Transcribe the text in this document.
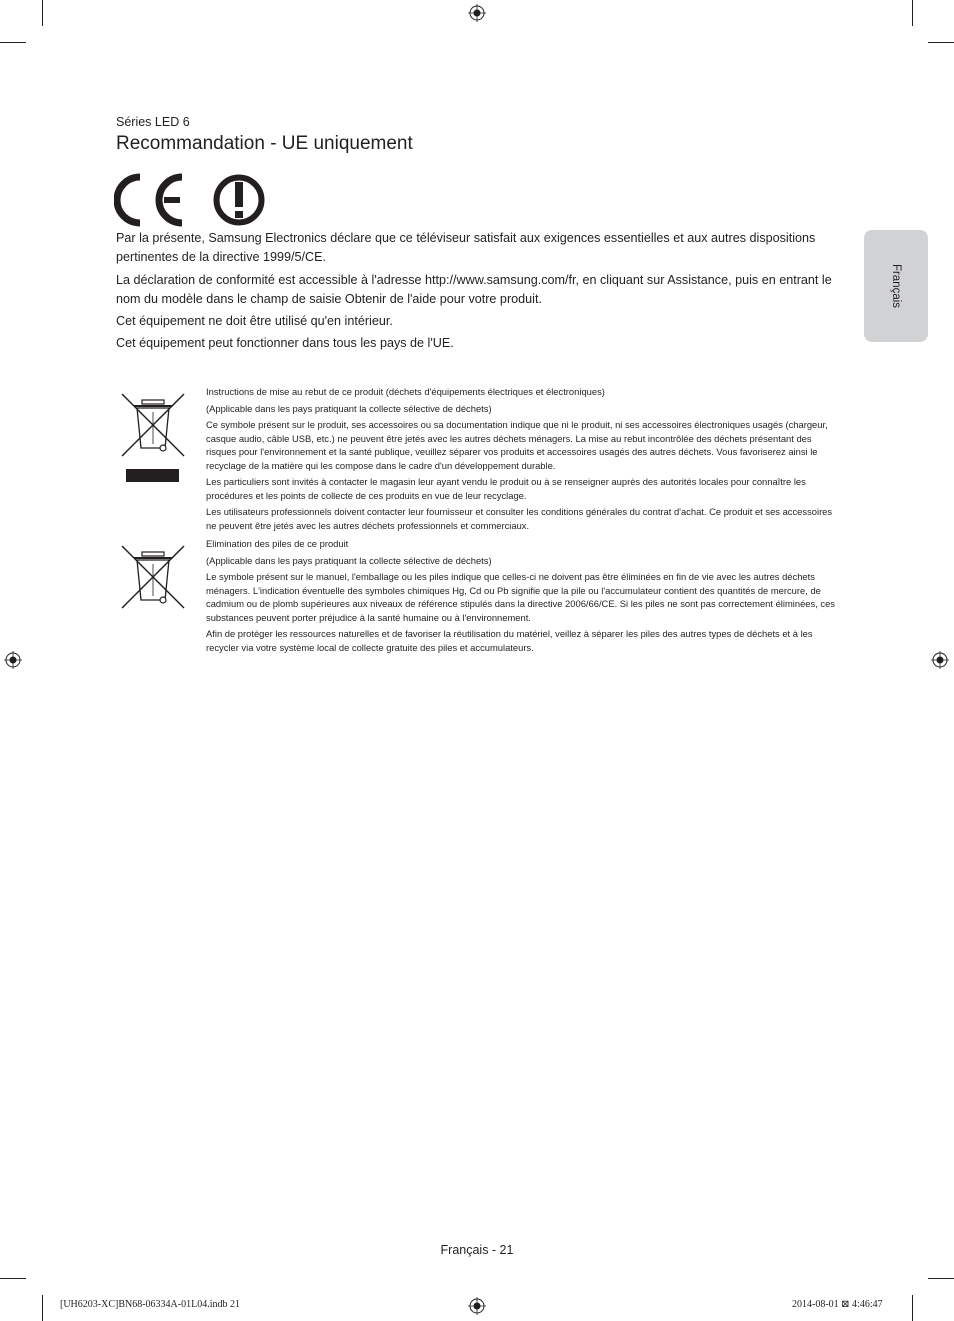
Séries LED 6
Recommandation - UE uniquement

Par la présente, Samsung Electronics déclare que ce téléviseur satisfait aux exigences essentielles et aux autres dispositions pertinentes de la directive 1999/5/CE.

La déclaration de conformité est accessible à l'adresse http://www.samsung.com/fr, en cliquant sur Assistance, puis en entrant le nom du modèle dans le champ de saisie Obtenir de l'aide pour votre produit.

Cet équipement ne doit être utilisé qu'en intérieur.

Cet équipement peut fonctionner dans tous les pays de l'UE.

Français

Instructions de mise au rebut de ce produit (déchets d'équipements électriques et électroniques)

(Applicable dans les pays pratiquant la collecte sélective de déchets)

Ce symbole présent sur le produit, ses accessoires ou sa documentation indique que ni le produit, ni ses accessoires électroniques usagés (chargeur, casque audio, câble USB, etc.) ne peuvent être jetés avec les autres déchets ménagers. La mise au rebut incontrôlée des déchets présentant des risques pour l'environnement et la santé publique, veuillez séparer vos produits et accessoires usagés des autres déchets. Vous favoriserez ainsi le recyclage de la matière qui les compose dans le cadre d'un développement durable.

Les particuliers sont invités à contacter le magasin leur ayant vendu le produit ou à se renseigner auprès des autorités locales pour connaître les procédures et les points de collecte de ces produits en vue de leur recyclage.

Les utilisateurs professionnels doivent contacter leur fournisseur et consulter les conditions générales du contrat d'achat. Ce produit et ses accessoires ne peuvent être jetés avec les autres déchets professionnels et commerciaux.

Elimination des piles de ce produit

(Applicable dans les pays pratiquant la collecte sélective de déchets)

Le symbole présent sur le manuel, l'emballage ou les piles indique que celles-ci ne doivent pas être éliminées en fin de vie avec les autres déchets ménagers. L'indication éventuelle des symboles chimiques Hg, Cd ou Pb signifie que la pile ou l'accumulateur contient des quantités de mercure, de cadmium ou de plomb supérieures aux niveaux de référence stipulés dans la directive 2006/66/CE. Si les piles ne sont pas correctement éliminées, ces substances peuvent porter préjudice à la santé humaine ou à l'environnement.

Afin de protéger les ressources naturelles et de favoriser la réutilisation du matériel, veillez à séparer les piles des autres types de déchets et à les recycler via votre système local de collecte gratuite des piles et accumulateurs.

Français - 21
[UH6203-XC]BN68-06334A-01L04.indb 21	2014-08-01 ⊠ 4:46:47
